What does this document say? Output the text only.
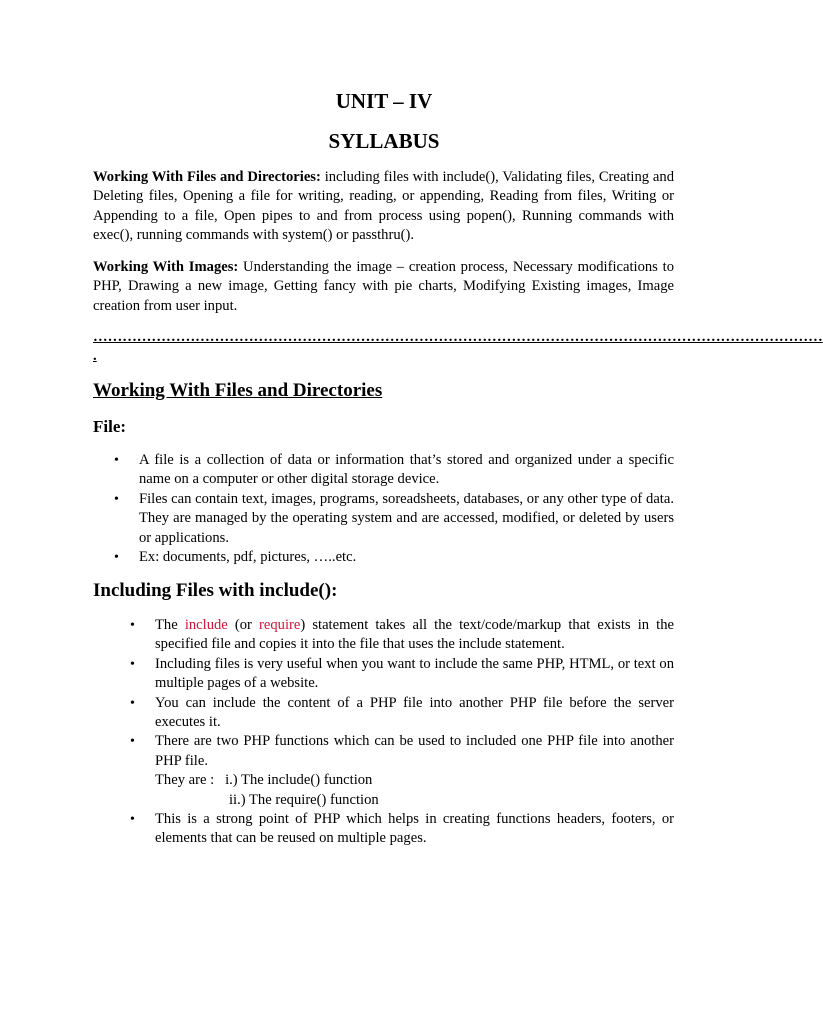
UNIT – IV
SYLLABUS

Working With Files and Directories: including files with include(), Validating files, Creating and Deleting files, Opening a file for writing, reading, or appending, Reading from files, Writing or Appending to a file, Open pipes to and from process using popen(), Running commands with exec(), running commands with system() or passthru().

Working With Images: Understanding the image – creation process, Necessary modifications to PHP, Drawing a new image, Getting fancy with pie charts, Modifying Existing images, Image creation from user input.

……………………………………………………………………………………………………………………………………
.
Working With Files and Directories
File:
• A file is a collection of data or information that’s stored and organized under a specific name on a computer or other digital storage device.
• Files can contain text, images, programs, soreadsheets, databases, or any other type of data. They are managed by the operating system and are accessed, modified, or deleted by users or applications.
• Ex: documents, pdf, pictures, …..etc.
Including Files with include():
• The include (or require) statement takes all the text/code/markup that exists in the specified file and copies it into the file that uses the include statement.
• Including files is very useful when you want to include the same PHP, HTML, or text on multiple pages of a website.
• You can include the content of a PHP file into another PHP file before the server executes it.
• There are two PHP functions which can be used to included one PHP file into another PHP file.
They are :   i.) The include() function
ii.) The require() function
• This is a strong point of PHP which helps in creating functions headers, footers, or elements that can be reused on multiple pages.
